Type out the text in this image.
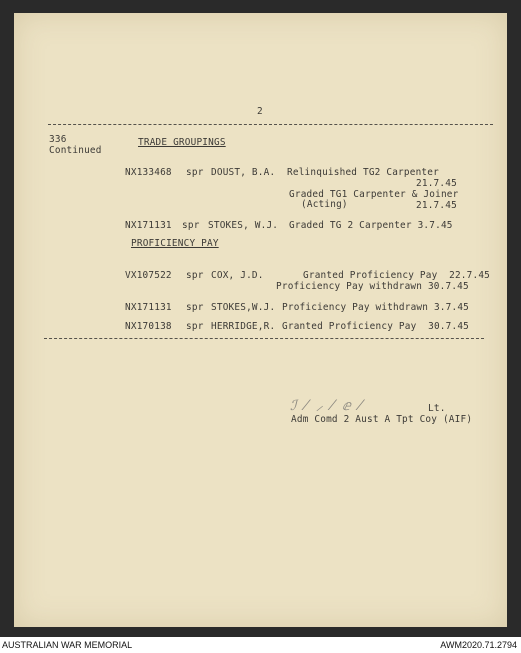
2
336
Continued
TRADE GROUPINGS
NX133468 spr DOUST, B.A. Relinquished TG2 Carpenter
21.7.45
Graded TG1 Carpenter & Joiner
(Acting)	21.7.45
NX171131 spr STOKES, W.J. Graded TG 2 Carpenter 3.7.45
PROFICIENCY PAY
VX107522 spr COX, J.D.	Granted Proficiency Pay  22.7.45
Proficiency Pay withdrawn 30.7.45
NX171131 spr STOKES,W.J. Proficiency Pay withdrawn 3.7.45
NX170138 spr HERRIDGE,R. Granted Proficiency Pay  30.7.45
ℐ ⁄ ⸝ ⁄ ⅇ ⁄	Lt.
Adm Comd 2 Aust A Tpt Coy (AIF)
AUSTRALIAN WAR MEMORIAL	AWM2020.71.2794
